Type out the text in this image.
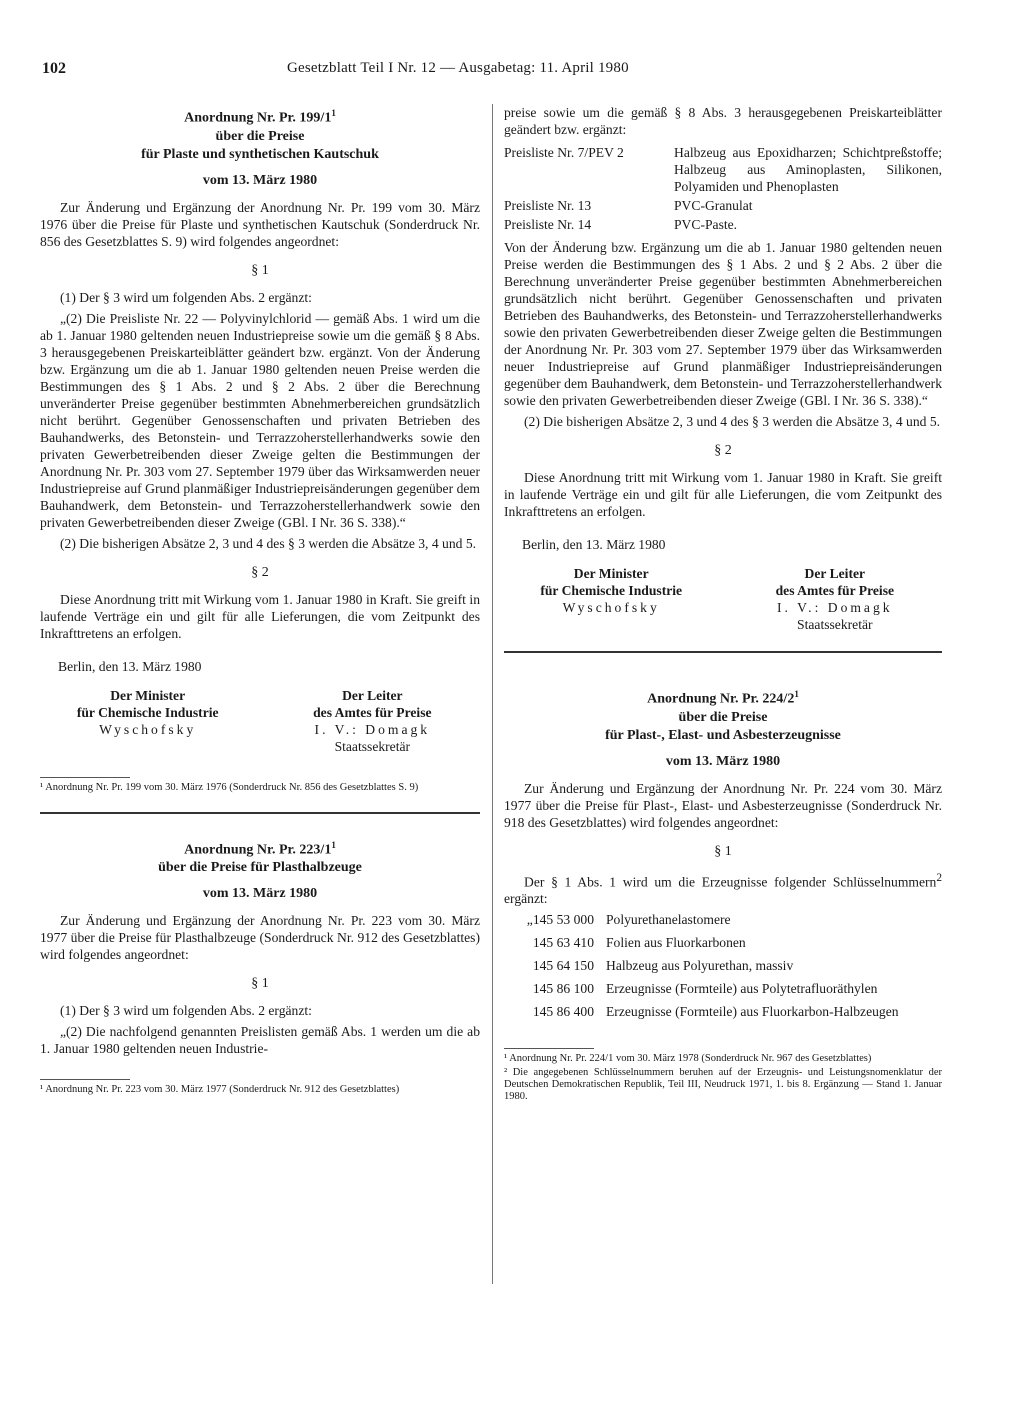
102	Gesetzblatt Teil I Nr. 12 — Ausgabetag: 11. April 1980

Anordnung Nr. Pr. $199/1^1$

über die Preise

für Plaste und synthetischen Kautschuk

vom 13. März 1980

Zur Änderung und Ergänzung der Anordnung Nr. Pr. 199 vom 30. März 1976 über die Preise für Plaste und synthetischen Kautschuk (Sonderdruck Nr. 856 des Gesetzblattes S. 9) wird folgendes angeordnet:

§ 1

(1) Der § 3 wird um folgenden Abs. 2 ergänzt:

„(2) Die Preisliste Nr. 22 — Polyvinylchlorid — gemäß Abs. 1 wird um die ab 1. Januar 1980 geltenden neuen Industriepreise sowie um die gemäß § 8 Abs. 3 herausgegebenen Preiskarteiblätter geändert bzw. ergänzt. Von der Änderung bzw. Ergänzung um die ab 1. Januar 1980 geltenden neuen Preise werden die Bestimmungen des § 1 Abs. 2 und § 2 Abs. 2 über die Berechnung unveränderter Preise gegenüber bestimmten Abnehmerbereichen grundsätzlich nicht berührt. Gegenüber Genossenschaften und privaten Betrieben des Bauhandwerks, des Betonstein- und Terrazzoherstellerhandwerks sowie den privaten Gewerbetreibenden dieser Zweige gelten die Bestimmungen der Anordnung Nr. Pr. 303 vom 27. September 1979 über das Wirksamwerden neuer Industriepreise auf Grund planmäßiger Industriepreisänderungen gegenüber dem Bauhandwerk, dem Betonstein- und Terrazzoherstellerhandwerk sowie den privaten Gewerbetreibenden dieser Zweige (GBl. I Nr. 36 S. 338).“

(2) Die bisherigen Absätze 2, 3 und 4 des § 3 werden die Absätze 3, 4 und 5.

§ 2

Diese Anordnung tritt mit Wirkung vom 1. Januar 1980 in Kraft. Sie greift in laufende Verträge ein und gilt für alle Lieferungen, die vom Zeitpunkt des Inkrafttretens an erfolgen.

Berlin, den 13. März 1980

Der Minister
für Chemische Industrie
Wyschofsky
Der Leiter
des Amtes für Preise
I. V.: Domagk
Staatssekretär

¹ Anordnung Nr. Pr. 199 vom 30. März 1976 (Sonderdruck Nr. 856 des Gesetzblattes S. 9)

Anordnung Nr. Pr. $223/1^1$

über die Preise für Plasthalbzeuge

vom 13. März 1980

Zur Änderung und Ergänzung der Anordnung Nr. Pr. 223 vom 30. März 1977 über die Preise für Plasthalbzeuge (Sonderdruck Nr. 912 des Gesetzblattes) wird folgendes angeordnet:

§ 1

(1) Der § 3 wird um folgenden Abs. 2 ergänzt:

„(2) Die nachfolgend genannten Preislisten gemäß Abs. 1 werden um die ab 1. Januar 1980 geltenden neuen Industrie-

¹ Anordnung Nr. Pr. 223 vom 30. März 1977 (Sonderdruck Nr. 912 des Gesetzblattes)

preise sowie um die gemäß § 8 Abs. 3 herausgegebenen Preiskarteiblätter geändert bzw. ergänzt:

Preisliste Nr. 7/PEV 2	Halbzeug aus Epoxidharzen; Schichtpreßstoffe; Halbzeug aus Aminoplasten, Silikonen, Polyamiden und Phenoplasten
Preisliste Nr. 13	PVC-Granulat
Preisliste Nr. 14	PVC-Paste.

Von der Änderung bzw. Ergänzung um die ab 1. Januar 1980 geltenden neuen Preise werden die Bestimmungen des § 1 Abs. 2 und § 2 Abs. 2 über die Berechnung unveränderter Preise gegenüber bestimmten Abnehmerbereichen grundsätzlich nicht berührt. Gegenüber Genossenschaften und privaten Betrieben des Bauhandwerks, des Betonstein- und Terrazzoherstellerhandwerks sowie den privaten Gewerbetreibenden dieser Zweige gelten die Bestimmungen der Anordnung Nr. Pr. 303 vom 27. September 1979 über das Wirksamwerden neuer Industriepreise auf Grund planmäßiger Industriepreisänderungen gegenüber dem Bauhandwerk, dem Betonstein- und Terrazzoherstellerhandwerk sowie den privaten Gewerbetreibenden dieser Zweige (GBl. I Nr. 36 S. 338).“

(2) Die bisherigen Absätze 2, 3 und 4 des § 3 werden die Absätze 3, 4 und 5.

§ 2

Diese Anordnung tritt mit Wirkung vom 1. Januar 1980 in Kraft. Sie greift in laufende Verträge ein und gilt für alle Lieferungen, die vom Zeitpunkt des Inkrafttretens an erfolgen.

Berlin, den 13. März 1980

Der Minister
für Chemische Industrie
Wyschofsky
Der Leiter
des Amtes für Preise
I. V.: Domagk
Staatssekretär

Anordnung Nr. Pr. $224/2^1$

über die Preise

für Plast-, Elast- und Asbesterzeugnisse

vom 13. März 1980

Zur Änderung und Ergänzung der Anordnung Nr. Pr. 224 vom 30. März 1977 über die Preise für Plast-, Elast- und Asbesterzeugnisse (Sonderdruck Nr. 918 des Gesetzblattes) wird folgendes angeordnet:

§ 1

Der § 1 Abs. 1 wird um die Erzeugnisse folgender Schlüsselnummern$^2$ ergänzt:

„145 53 000	Polyurethanelastomere
145 63 410	Folien aus Fluorkarbonen
145 64 150	Halbzeug aus Polyurethan, massiv
145 86 100	Erzeugnisse (Formteile) aus Polytetrafluoräthylen
145 86 400	Erzeugnisse (Formteile) aus Fluorkarbon-Halbzeugen

¹ Anordnung Nr. Pr. 224/1 vom 30. März 1978 (Sonderdruck Nr. 967 des Gesetzblattes)

² Die angegebenen Schlüsselnummern beruhen auf der Erzeugnis- und Leistungsnomenklatur der Deutschen Demokratischen Republik, Teil III, Neudruck 1971, 1. bis 8. Ergänzung — Stand 1. Januar 1980.
